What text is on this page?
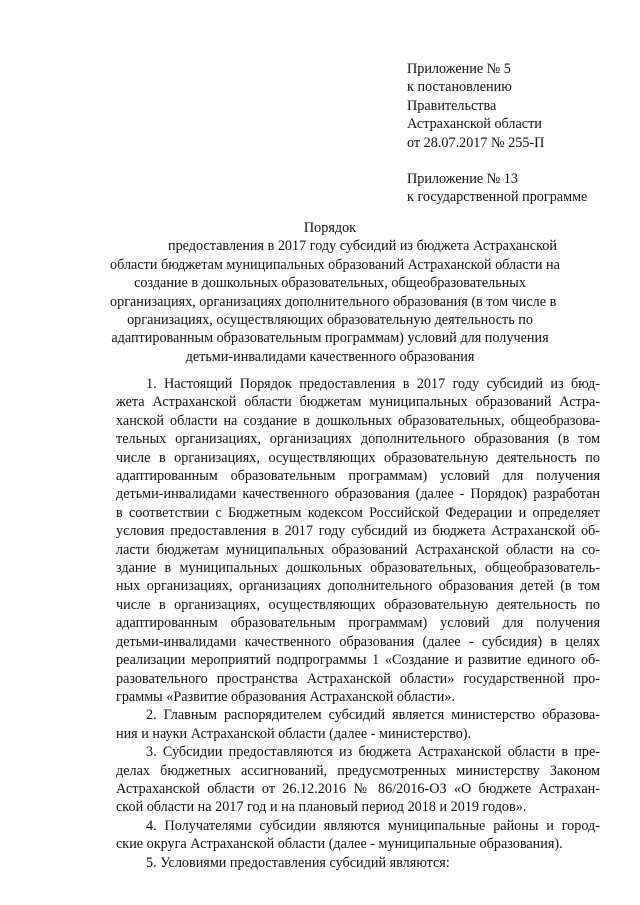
Приложение № 5
к постановлению
Правительства
Астраханской области
от 28.07.2017 № 255-П
Приложение № 13
к государственной программе
Порядок
предоставления в 2017 году субсидий из бюджета Астраханской
области бюджетам муниципальных образований Астраханской области на
создание в дошкольных образовательных, общеобразовательных
организациях, организациях дополнительного образования (в том числе в
организациях, осуществляющих образовательную деятельность по
адаптированным образовательным программам) условий для получения
детьми-инвалидами качественного образования
1. Настоящий Порядок предоставления в 2017 году субсидий из бюд-
жета Астраханской области бюджетам муниципальных образований Астра-
ханской области на создание в дошкольных образовательных, общеобразова-
тельных организациях, организациях дополнительного образования (в том
числе в организациях, осуществляющих образовательную деятельность по
адаптированным образовательным программам) условий для получения
детьми-инвалидами качественного образования (далее - Порядок) разработан
в соответствии с Бюджетным кодексом Российской Федерации и определяет
условия предоставления в 2017 году субсидий из бюджета Астраханской об-
ласти бюджетам муниципальных образований Астраханской области на со-
здание в муниципальных дошкольных образовательных, общеобразователь-
ных организациях, организациях дополнительного образования детей (в том
числе в организациях, осуществляющих образовательную деятельность по
адаптированным образовательным программам) условий для получения
детьми-инвалидами качественного образования (далее - субсидия) в целях
реализации мероприятий подпрограммы 1 «Создание и развитие единого об-
разовательного пространства Астраханской области» государственной про-
граммы «Развитие образования Астраханской области».
2. Главным распорядителем субсидий является министерство образова-
ния и науки Астраханской области (далее - министерство).
3. Субсидии предоставляются из бюджета Астраханской области в пре-
делах бюджетных ассигнований, предусмотренных министерству Законом
Астраханской области от 26.12.2016 № 86/2016-ОЗ «О бюджете Астрахан-
ской области на 2017 год и на плановый период 2018 и 2019 годов».
4. Получателями субсидии являются муниципальные районы и город-
ские округа Астраханской области (далее - муниципальные образования).
5. Условиями предоставления субсидий являются:
